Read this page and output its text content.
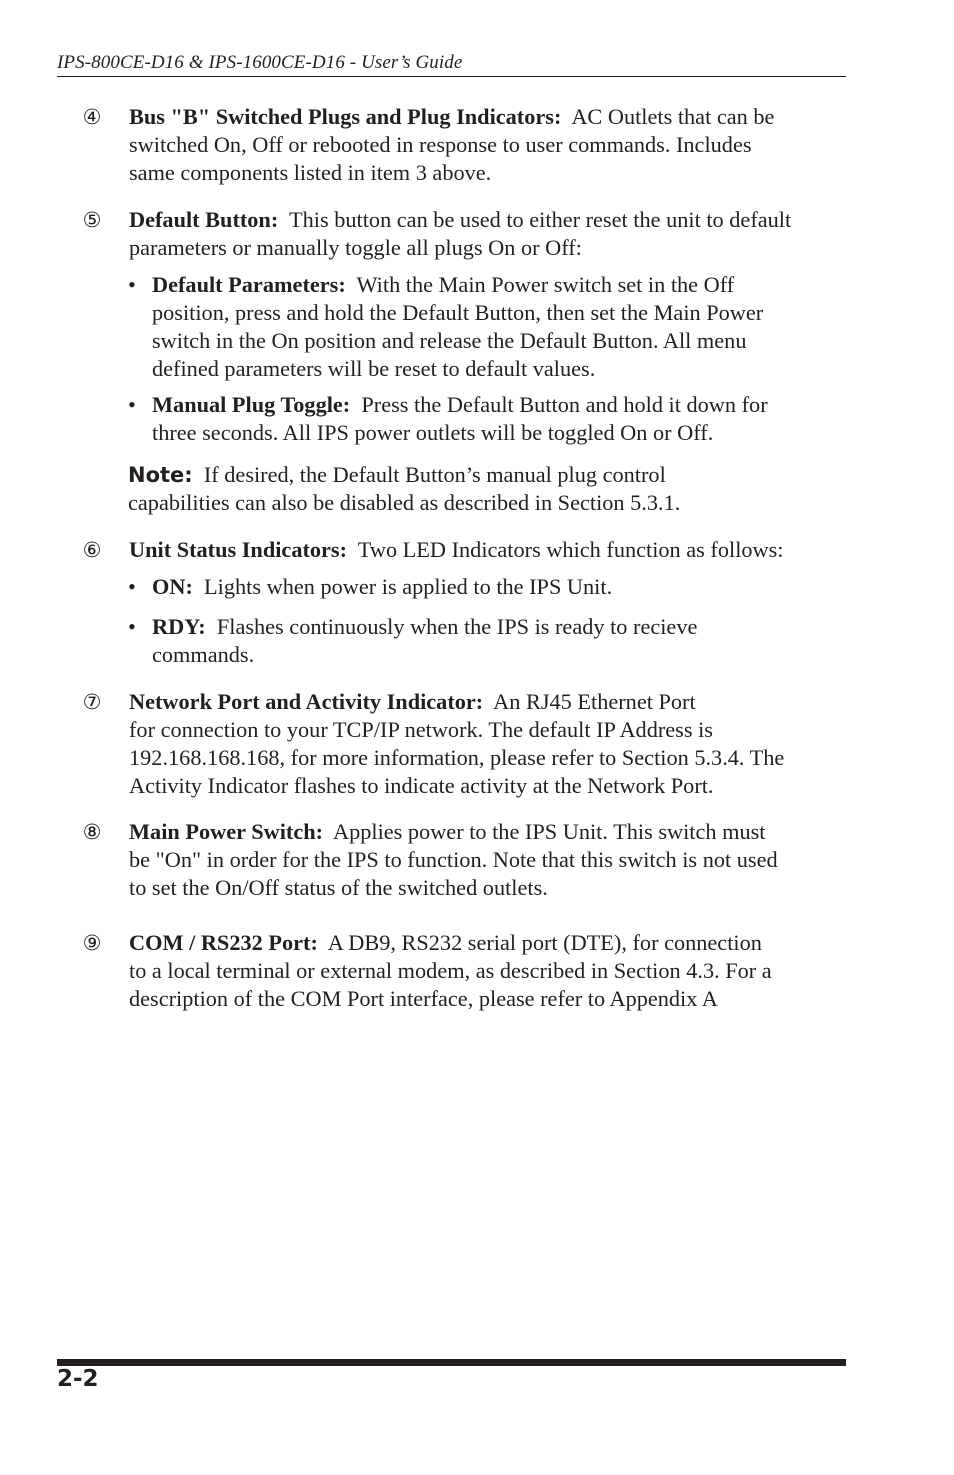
IPS-800CE-D16 & IPS-1600CE-D16 - User’s Guide
④ Bus "B" Switched Plugs and Plug Indicators: AC Outlets that can be
switched On, Off or rebooted in response to user commands. Includes
same components listed in item 3 above.
⑤ Default Button: This button can be used to either reset the unit to default
parameters or manually toggle all plugs On or Off:
• Default Parameters: With the Main Power switch set in the Off
position, press and hold the Default Button, then set the Main Power
switch in the On position and release the Default Button. All menu
defined parameters will be reset to default values.
• Manual Plug Toggle: Press the Default Button and hold it down for
three seconds. All IPS power outlets will be toggled On or Off.
Note: If desired, the Default Button’s manual plug control
capabilities can also be disabled as described in Section 5.3.1.
⑥ Unit Status Indicators: Two LED Indicators which function as follows:
• ON: Lights when power is applied to the IPS Unit.
• RDY: Flashes continuously when the IPS is ready to recieve
commands.
⑦ Network Port and Activity Indicator: An RJ45 Ethernet Port
for connection to your TCP/IP network. The default IP Address is
192.168.168.168, for more information, please refer to Section 5.3.4. The
Activity Indicator flashes to indicate activity at the Network Port.
⑧ Main Power Switch: Applies power to the IPS Unit. This switch must
be "On" in order for the IPS to function. Note that this switch is not used
to set the On/Off status of the switched outlets.
⑨ COM / RS232 Port: A DB9, RS232 serial port (DTE), for connection
to a local terminal or external modem, as described in Section 4.3. For a
description of the COM Port interface, please refer to Appendix A
2-2
